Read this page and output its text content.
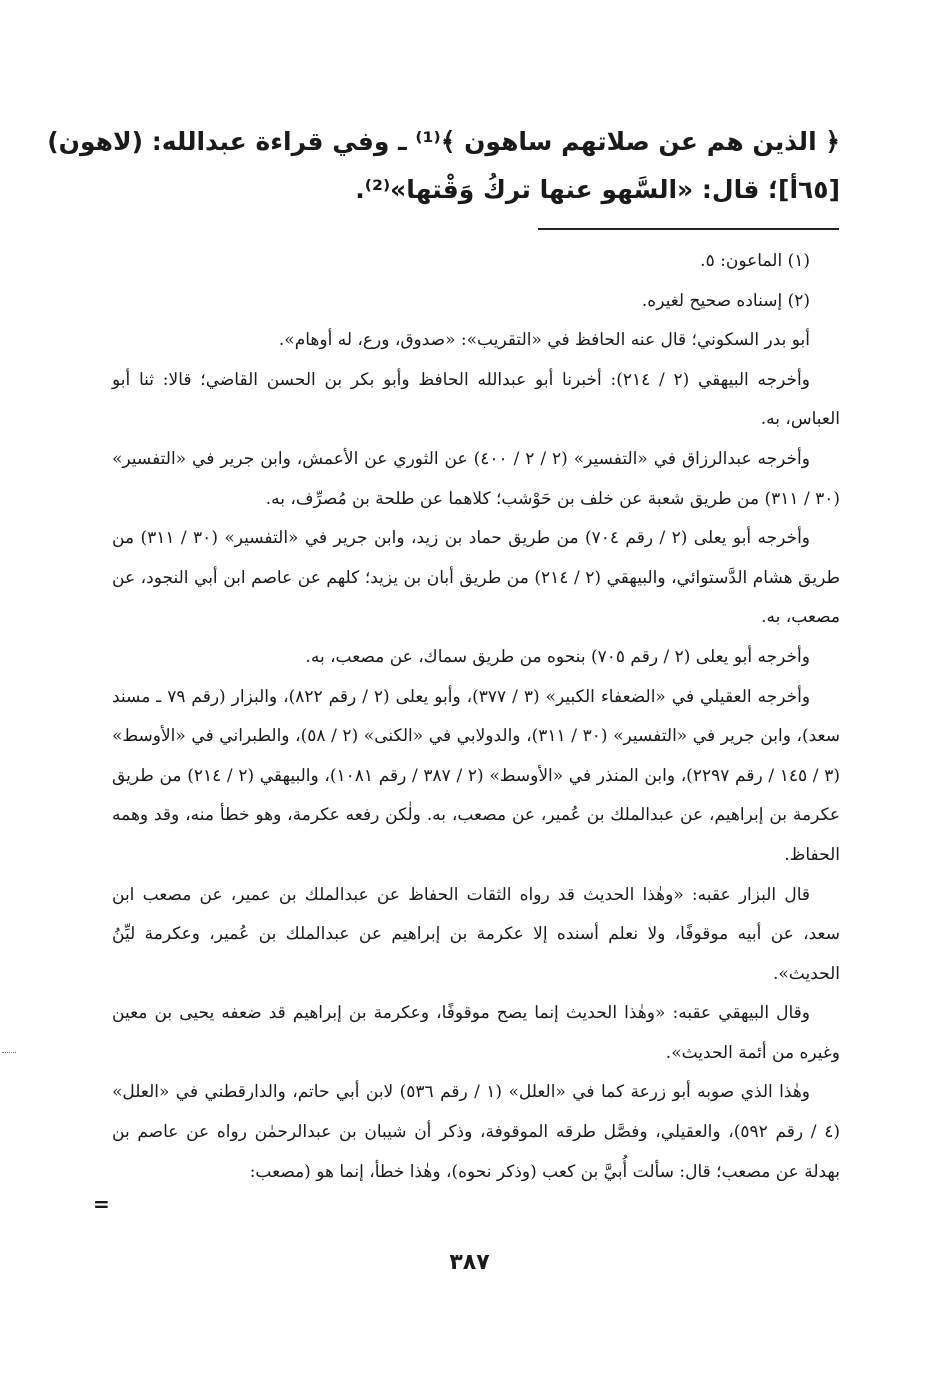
﴿ الذين هم عن صلاتهم ساهون ﴾⁽¹⁾ ـ وفي قراءة عبدالله: (لاهون)
[٦٥أ]؛ قال: «السَّهو عنها تركُ وَقْتها»⁽²⁾.

(١) الماعون: ٥.

(٢) إسناده صحيح لغيره.

أبو بدر السكوني؛ قال عنه الحافظ في «التقريب»: «صدوق، ورع، له أوهام».

وأخرجه البيهقي (٢ / ٢١٤): أخبرنا أبو عبدالله الحافظ وأبو بكر بن الحسن القاضي؛ قالا: ثنا أبو العباس، به.

وأخرجه عبدالرزاق في «التفسير» (٢ / ٢ / ٤٠٠) عن الثوري عن الأعمش، وابن جرير في «التفسير» (٣٠ / ٣١١) من طريق شعبة عن خلف بن حَوْشب؛ كلاهما عن طلحة بن مُصرِّف، به.

وأخرجه أبو يعلى (٢ / رقم ٧٠٤) من طريق حماد بن زيد، وابن جرير في «التفسير» (٣٠ / ٣١١) من طريق هشام الدَّستوائي، والبيهقي (٢ / ٢١٤) من طريق أبان بن يزيد؛ كلهم عن عاصم ابن أبي النجود، عن مصعب، به.

وأخرجه أبو يعلى (٢ / رقم ٧٠٥) بنحوه من طريق سماك، عن مصعب، به.

وأخرجه العقيلي في «الضعفاء الكبير» (٣ / ٣٧٧)، وأبو يعلى (٢ / رقم ٨٢٢)، والبزار (رقم ٧٩ ـ مسند سعد)، وابن جرير في «التفسير» (٣٠ / ٣١١)، والدولابي في «الكنى» (٢ / ٥٨)، والطبراني في «الأوسط» (٣ / ١٤٥ / رقم ٢٢٩٧)، وابن المنذر في «الأوسط» (٢ / ٣٨٧ / رقم ١٠٨١)، والبيهقي (٢ / ٢١٤) من طريق عكرمة بن إبراهيم، عن عبدالملك بن عُمير، عن مصعب، به. ولٰكن رفعه عكرمة، وهو خطأ منه، وقد وهمه الحفاظ.

قال البزار عقبه: «وهٰذا الحديث قد رواه الثقات الحفاظ عن عبدالملك بن عمير، عن مصعب ابن سعد، عن أبيه موقوفًا، ولا نعلم أسنده إلا عكرمة بن إبراهيم عن عبدالملك بن عُمير، وعكرمة ليِّنُ الحديث».

وقال البيهقي عقبه: «وهٰذا الحديث إنما يصح موقوفًا، وعكرمة بن إبراهيم قد ضعفه يحيى بن معين وغيره من أئمة الحديث».

وهٰذا الذي صوبه أبو زرعة كما في «العلل» (١ / رقم ٥٣٦) لابن أبي حاتم، والدارقطني في «العلل» (٤ / رقم ٥٩٢)، والعقيلي، وفصَّل طرقه الموقوفة، وذكر أن شيبان بن عبدالرحمٰن رواه عن عاصم بن بهدلة عن مصعب؛ قال: سألت أُبيَّ بن كعب (وذكر نحوه)، وهٰذا خطأ، إنما هو (مصعب:

=
٣٨٧
